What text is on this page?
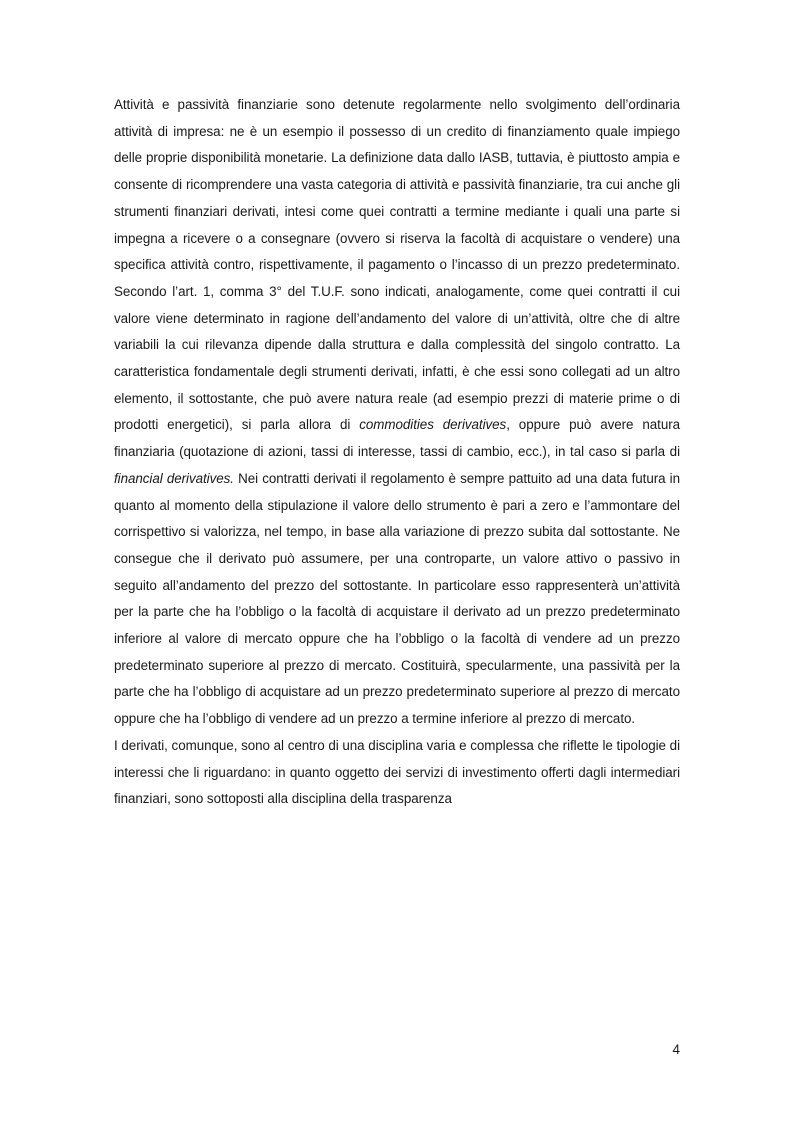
Attività e passività finanziarie sono detenute regolarmente nello svolgimento dell’ordinaria attività di impresa: ne è un esempio il possesso di un credito di finanziamento quale impiego delle proprie disponibilità monetarie. La definizione data dallo IASB, tuttavia, è piuttosto ampia e consente di ricomprendere una vasta categoria di attività e passività finanziarie, tra cui anche gli strumenti finanziari derivati, intesi come quei contratti a termine mediante i quali una parte si impegna a ricevere o a consegnare (ovvero si riserva la facoltà di acquistare o vendere) una specifica attività contro, rispettivamente, il pagamento o l’incasso di un prezzo predeterminato. Secondo l’art. 1, comma 3° del T.U.F. sono indicati, analogamente, come quei contratti il cui valore viene determinato in ragione dell’andamento del valore di un’attività, oltre che di altre variabili la cui rilevanza dipende dalla struttura e dalla complessità del singolo contratto. La caratteristica fondamentale degli strumenti derivati, infatti, è che essi sono collegati ad un altro elemento, il sottostante, che può avere natura reale (ad esempio prezzi di materie prime o di prodotti energetici), si parla allora di commodities derivatives, oppure può avere natura finanziaria (quotazione di azioni, tassi di interesse, tassi di cambio, ecc.), in tal caso si parla di financial derivatives. Nei contratti derivati il regolamento è sempre pattuito ad una data futura in quanto al momento della stipulazione il valore dello strumento è pari a zero e l’ammontare del corrispettivo si valorizza, nel tempo, in base alla variazione di prezzo subita dal sottostante. Ne consegue che il derivato può assumere, per una controparte, un valore attivo o passivo in seguito all’andamento del prezzo del sottostante. In particolare esso rappresenterà un’attività per la parte che ha l’obbligo o la facoltà di acquistare il derivato ad un prezzo predeterminato inferiore al valore di mercato oppure che ha l’obbligo o la facoltà di vendere ad un prezzo predeterminato superiore al prezzo di mercato. Costituirà, specularmente, una passività per la parte che ha l’obbligo di acquistare ad un prezzo predeterminato superiore al prezzo di mercato oppure che ha l’obbligo di vendere ad un prezzo a termine inferiore al prezzo di mercato.

I derivati, comunque, sono al centro di una disciplina varia e complessa che riflette le tipologie di interessi che li riguardano: in quanto oggetto dei servizi di investimento offerti dagli intermediari finanziari, sono sottoposti alla disciplina della trasparenza

4
